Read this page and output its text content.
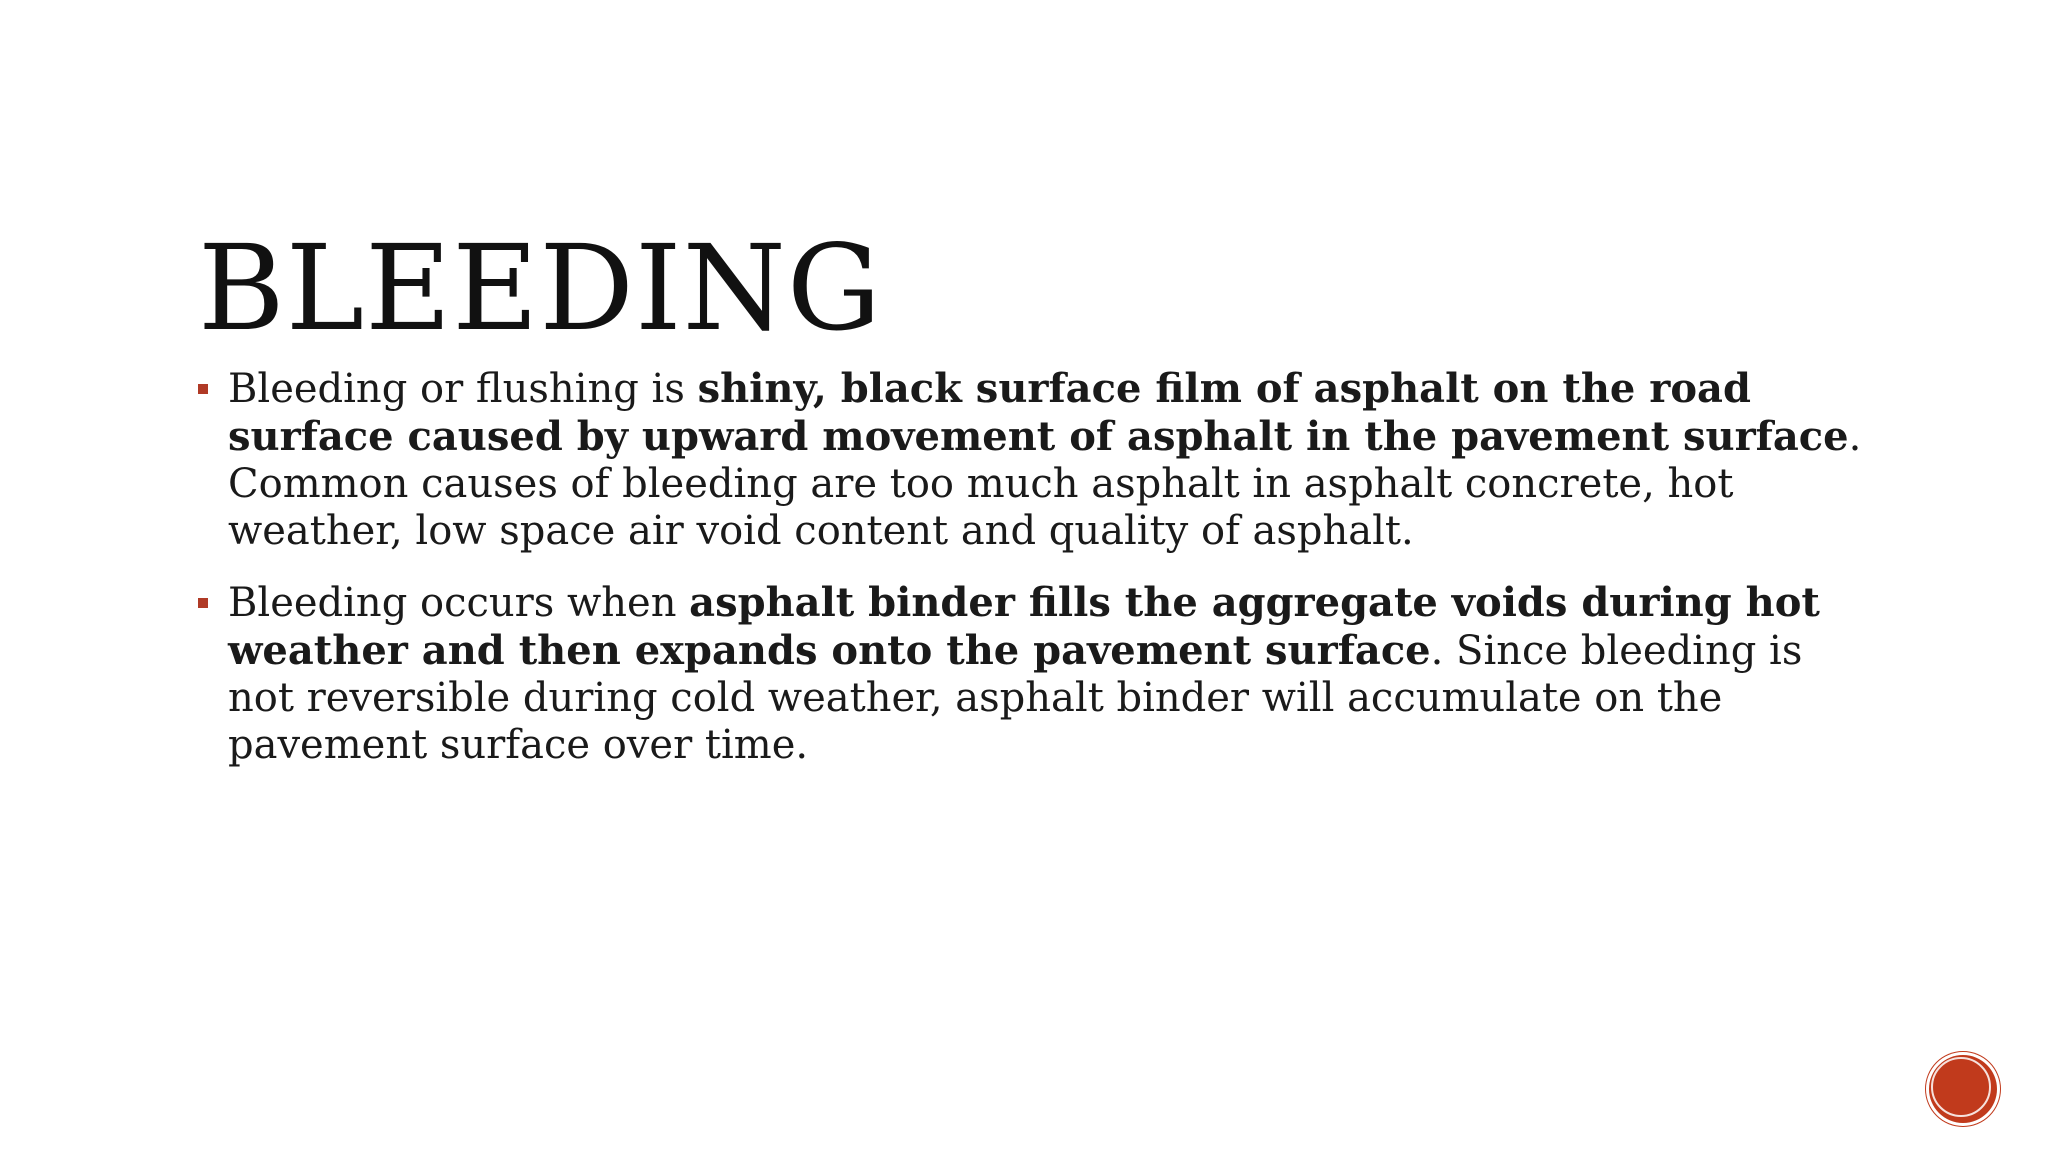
BLEEDING
Bleeding or flushing is shiny, black surface film of asphalt on the road surface caused by upward movement of asphalt in the pavement surface. Common causes of bleeding are too much asphalt in asphalt concrete, hot weather, low space air void content and quality of asphalt.
Bleeding occurs when asphalt binder fills the aggregate voids during hot weather and then expands onto the pavement surface. Since bleeding is not reversible during cold weather, asphalt binder will accumulate on the pavement surface over time.
